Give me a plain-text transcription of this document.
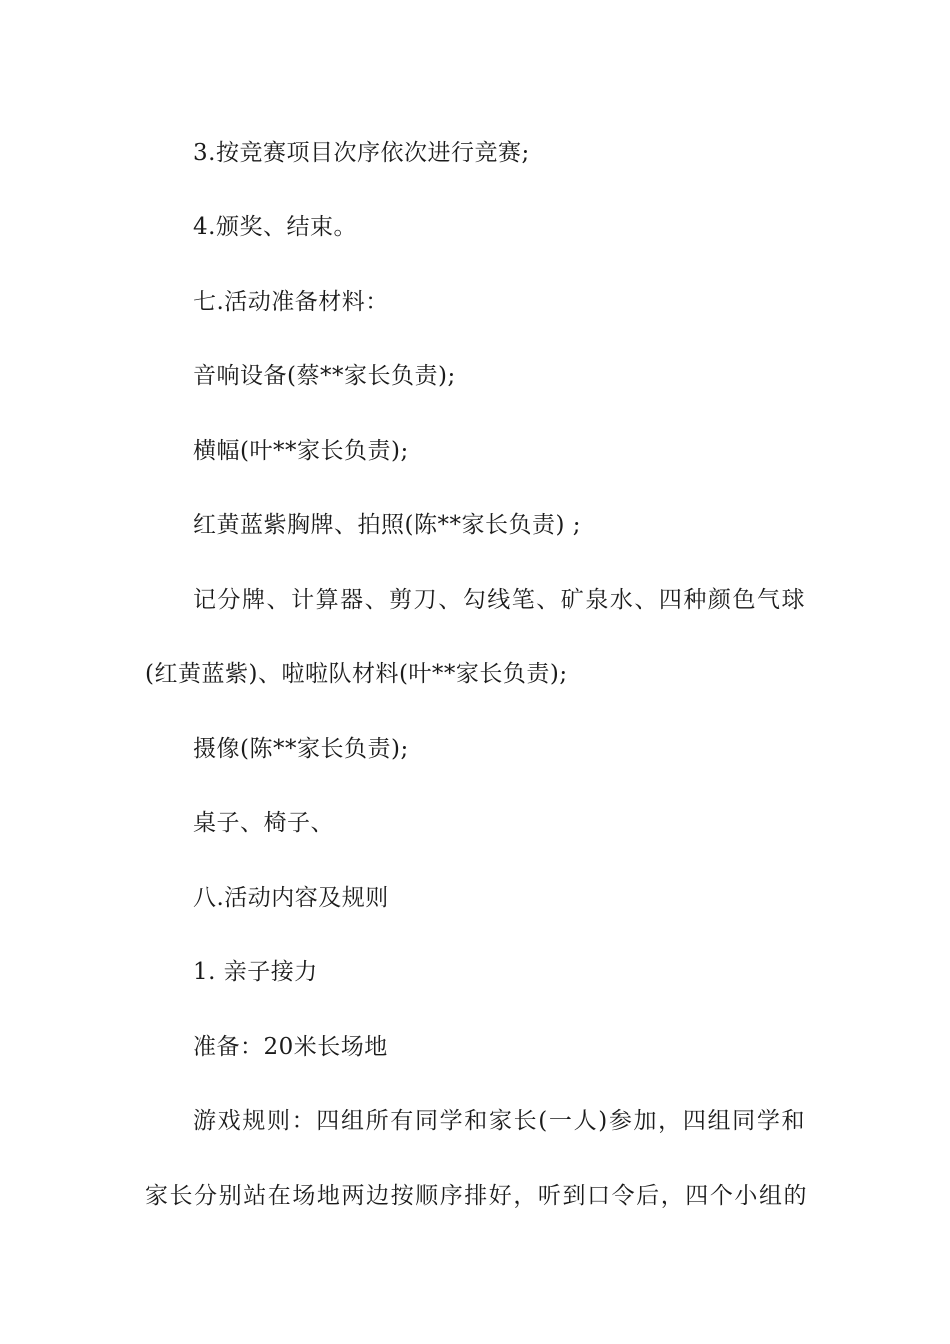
3.按竞赛项目次序依次进行竞赛;

4.颁奖、结束。

七.活动准备材料：

音响设备(蔡**家长负责);

横幅(叶**家长负责);

红黄蓝紫胸牌、拍照(陈**家长负责) ;

记分牌、计算器、剪刀、勾线笔、矿泉水、四种颜色气球

(红黄蓝紫)、啦啦队材料(叶**家长负责);

摄像(陈**家长负责);

桌子、椅子、

八.活动内容及规则

1. 亲子接力

准备：20米长场地

游戏规则：四组所有同学和家长(一人)参加，四组同学和

家长分别站在场地两边按顺序排好，听到口令后，四个小组的
